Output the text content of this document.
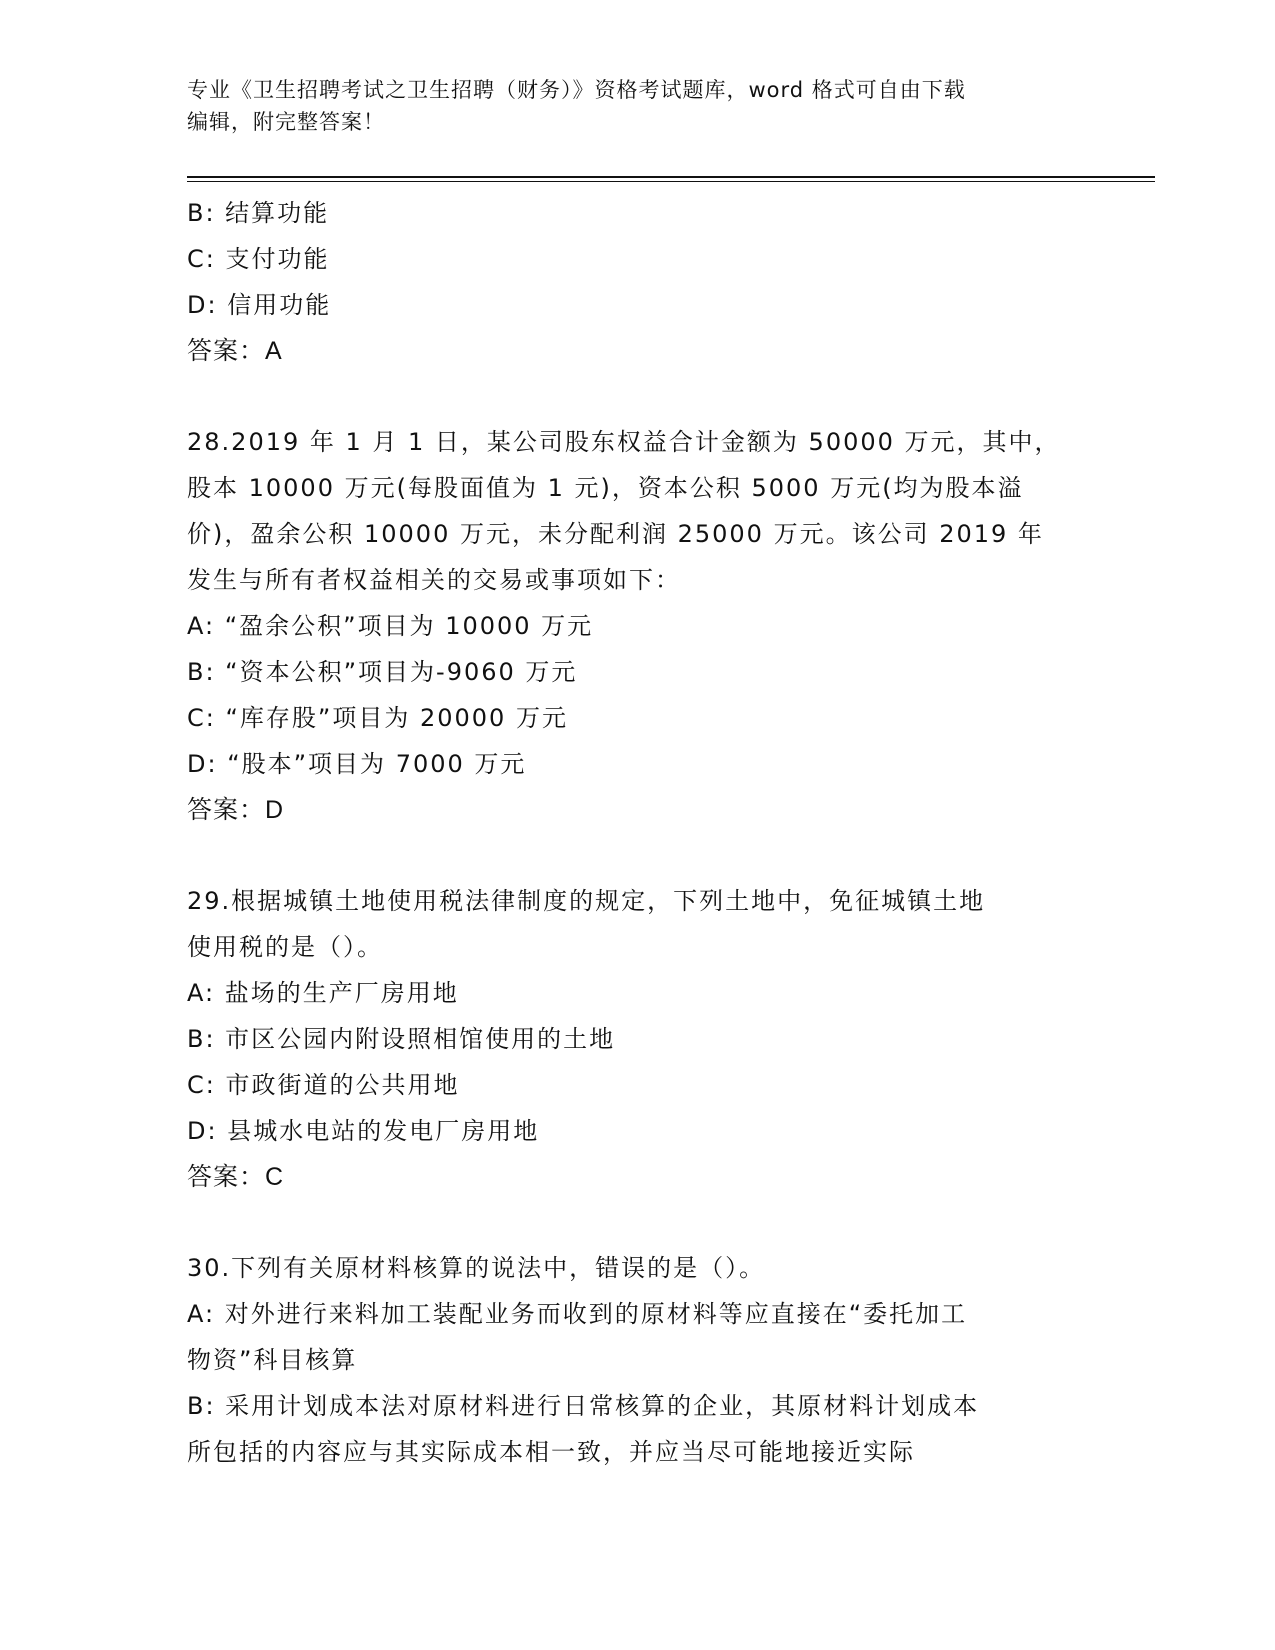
专业《卫生招聘考试之卫生招聘（财务）》资格考试题库，word 格式可自由下载
编辑，附完整答案！
B: 结算功能
C: 支付功能
D: 信用功能
答案：A
28.2019 年 1 月 1 日，某公司股东权益合计金额为 50000 万元，其中，
股本 10000 万元(每股面值为 1 元)，资本公积 5000 万元(均为股本溢
价)，盈余公积 10000 万元，未分配利润 25000 万元。该公司 2019 年
发生与所有者权益相关的交易或事项如下：
A: “盈余公积”项目为 10000 万元
B: “资本公积”项目为-9060 万元
C: “库存股”项目为 20000 万元
D: “股本”项目为 7000 万元
答案：D
29.根据城镇土地使用税法律制度的规定，下列土地中，免征城镇土地
使用税的是（）。
A: 盐场的生产厂房用地
B: 市区公园内附设照相馆使用的土地
C: 市政街道的公共用地
D: 县城水电站的发电厂房用地
答案：C
30.下列有关原材料核算的说法中，错误的是（）。
A: 对外进行来料加工装配业务而收到的原材料等应直接在“委托加工
物资”科目核算
B: 采用计划成本法对原材料进行日常核算的企业，其原材料计划成本
所包括的内容应与其实际成本相一致，并应当尽可能地接近实际
